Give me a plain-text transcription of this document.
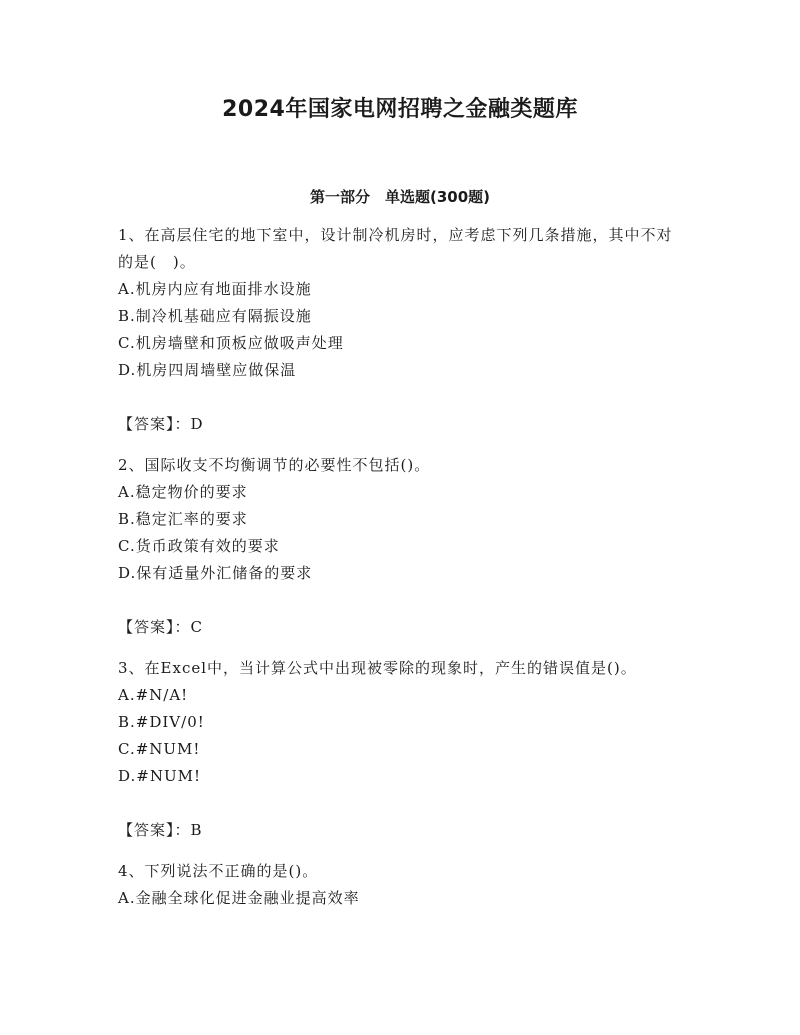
2024年国家电网招聘之金融类题库
第一部分　单选题(300题)

1、在高层住宅的地下室中，设计制冷机房时，应考虑下列几条措施，其中不对的是(　)。

A.机房内应有地面排水设施

B.制冷机基础应有隔振设施

C.机房墙壁和顶板应做吸声处理

D.机房四周墙壁应做保温

【答案】：D

2、国际收支不均衡调节的必要性不包括()。

A.稳定物价的要求

B.稳定汇率的要求

C.货币政策有效的要求

D.保有适量外汇储备的要求

【答案】：C

3、在Excel中，当计算公式中出现被零除的现象时，产生的错误值是()。

A.#N/A!

B.#DIV/0!

C.#NUM!

D.#NUM!

【答案】：B

4、下列说法不正确的是()。

A.金融全球化促进金融业提高效率
